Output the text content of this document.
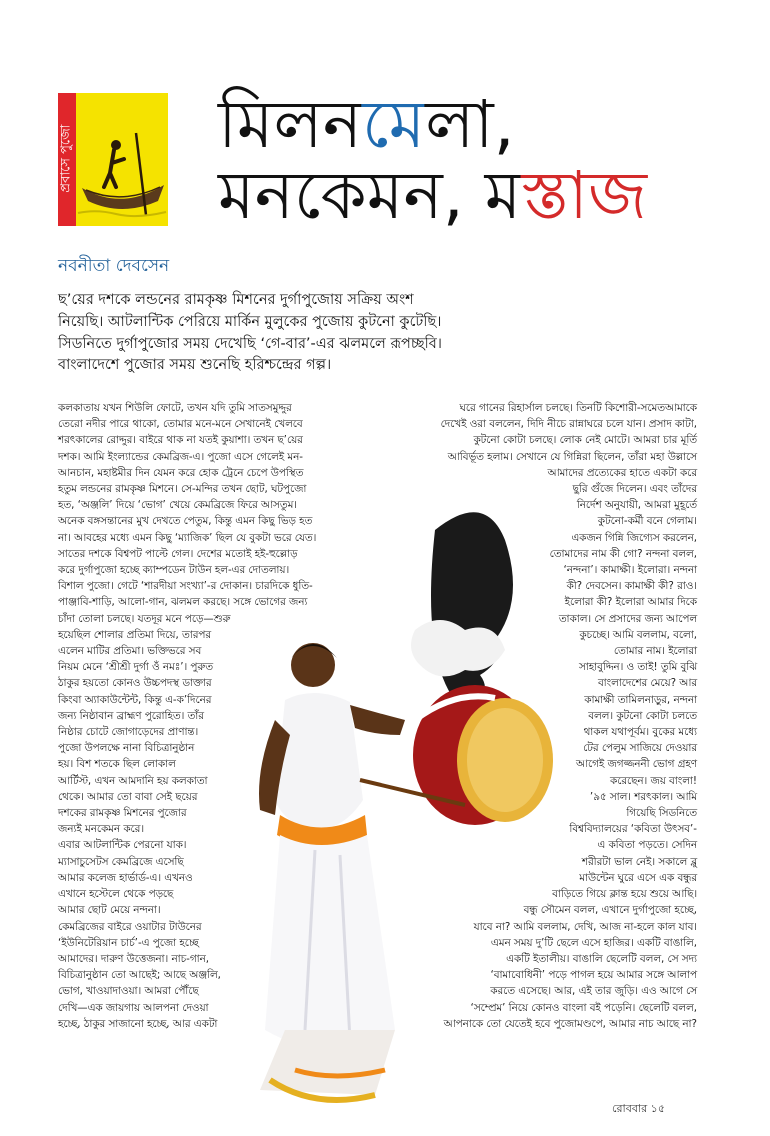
প্রবাসে পুজো মিলনমেলা,
মনকেমন, মস্তাজ
নবনীতা দেবসেন

ছ’য়ের দশকে লন্ডনের রামকৃষ্ণ মিশনের দুর্গাপুজোয় সক্রিয় অংশ

নিয়েছি। আটলান্টিক পেরিয়ে মার্কিন মুলুকের পুজোয় কুটনো কুটেছি।

সিডনিতে দুর্গাপুজোর সময় দেখেছি ‘গে-বার’-এর ঝলমলে রূপচ্ছবি।

বাংলাদেশে পুজোর সময় শুনেছি হরিশ্চন্দ্রের গল্প।

কলকাতায় যখন শিউলি ফোটে, তখন যদি তুমি সাতসমুদ্দুর

তেরো নদীর পারে থাকো, তোমার মনে-মনে সেখানেই খেলবে

শরৎকালের রোদ্দুর। বাইরে থাক না যতই কুয়াশা। তখন ছ’য়ের

দশক। আমি ইংল্যান্ডের কেমব্রিজ-এ। পুজো এসে গেলেই মন-

আনচান, মহাষ্টমীর দিন যেমন করে হোক ট্রেনে চেপে উপস্থিত

হতুম লন্ডনের রামকৃষ্ণ মিশনে। সে-মন্দির তখন ছোট, ঘটপুজো

হত, ‘অঞ্জলি’ দিয়ে ‘ভোগ’ খেয়ে কেমব্রিজে ফিরে আসতুম।

অনেক বঙ্গসন্তানের মুখ দেখতে পেতুম, কিন্তু এমন কিছু ভিড় হত

না। আবহের মধ্যে এমন কিছু ‘ম্যাজিক’ ছিল যে বুকটা ভরে যেত।

সাতের দশকে বিশ্বপট পাল্টে গেল। দেশের মতোই হই-হুল্লোড়

করে দুর্গাপুজো হচ্ছে ক্যাম্পডেন টাউন হল-এর দোতলায়।

বিশাল পুজো। গেটে ‘শারদীয়া সংখ্যা’-র দোকান। চারদিকে ধুতি-

পাঞ্জাবি-শাড়ি, আলো-গান, ঝলমল করছে। সঙ্গে ভোগের জন্য

চাঁদা তোলা চলছে। যতদূর মনে পড়ে—শুরু

হয়েছিল শোলার প্রতিমা দিয়ে, তারপর

এলেন মাটির প্রতিমা। ভক্তিভরে সব

নিয়ম মেনে ‘শ্রীশ্রী দুর্গা ওঁ নমঃ’। পুরুত

ঠাকুর হয়তো কোনও উচ্চপদস্থ ডাক্তার

কিংবা অ্যাকাউন্টেন্ট, কিন্তু এ-ক’দিনের

জন্য নিষ্ঠাবান ব্রাহ্মণ পুরোহিত। তাঁর

নিষ্ঠার চোটে জোগাড়েদের প্রাণান্ত।

পুজো উপলক্ষে নানা বিচিত্রানুষ্ঠান

হয়। বিশ শতকে ছিল লোকাল

আর্টিস্ট, এখন আমদানি হয় কলকাতা

থেকে। আমার তো বাবা সেই ছয়ের

দশকের রামকৃষ্ণ মিশনের পুজোর

জন্যই মনকেমন করে।

এবার আটলান্টিক পেরনো যাক।

ম্যাসাচুসেটস কেমব্রিজে এসেছি

আমার কলেজ হার্ভার্ড-এ। এখনও

এখানে হস্টেলে থেকে পড়ছে

আমার ছোট মেয়ে নন্দনা।

কেমব্রিজের বাইরে ওয়াটার টাউনের

‘ইউনিটেরিয়ান চার্চ’-এ পুজো হচ্ছে

আমাদের। দারুণ উত্তেজনা। নাচ-গান,

বিচিত্রানুষ্ঠান তো আছেই; আছে অঞ্জলি,

ভোগ, খাওয়াদাওয়া। আমরা পৌঁছে

দেখি—এক জায়গায় আলপনা দেওয়া

হচ্ছে, ঠাকুর সাজানো হচ্ছে, আর একটা

ঘরে গানের রিহার্সাল চলছে। তিনটি কিশোরী-সমেতআমাকে

দেখেই ওরা বললেন, দিদি নীচে রান্নাঘরে চলে যান। প্রসাদ কাটা,

কুটনো কোটা চলছে। লোক নেই মোটে। আমরা চার মূর্তি

আবির্ভূত হলাম। সেখানে যে গিন্নিরা ছিলেন, তাঁরা মহা উল্লাসে

আমাদের প্রত্যেকের হাতে একটা করে

ছুরি গুঁজে দিলেন। এবং তাঁদের

নির্দেশ অনুযায়ী, আমরা মুহূর্তে

কুটনো-কর্মী বনে গেলাম।

একজন গিন্নি জিগ্যেস করলেন,

তোমাদের নাম কী গো? নন্দনা বলল,

‘নন্দনা’। কামাক্ষী। ইলোরা। নন্দনা

কী? দেবসেন। কামাক্ষী কী? রাও।

ইলোরা কী? ইলোরা আমার দিকে

তাকাল। সে প্রসাদের জন্য আপেল

কুচচ্ছে। আমি বললাম, বলো,

তোমার নাম। ইলোরা

সাহাবুদ্দিন। ও তাই! তুমি বুঝি

বাংলাদেশের মেয়ে? আর

কামাক্ষী তামিলনাড়ুর, নন্দনা

বলল। কুটনো কোটা চলতে

থাকল যথাপূর্বম। বুকের মধ্যে

টের পেলুম সাজিয়ে দেওয়ার

আগেই জগজ্জননী ভোগ গ্রহণ

করেছেন। জয় বাংলা!

’৯৫ সাল। শরৎকাল। আমি

গিয়েছি সিডনিতে

বিশ্ববিদ্যালয়ের ‘কবিতা উৎসব’-

এ কবিতা পড়তে। সেদিন

শরীরটা ভাল নেই। সকালে ব্লু

মাউন্টেন ঘুরে এসে এক বন্ধুর

বাড়িতে গিয়ে ক্লান্ত হয়ে শুয়ে আছি।

বন্ধু সৌমেন বলল, এখানে দুর্গাপুজো হচ্ছে,

যাবে না? আমি বললাম, দেখি, আজ না-হলে কাল যাব।

এমন সময় দু’টি ছেলে এসে হাজির। একটি বাঙালি,

একটি ইতালীয়। বাঙালি ছেলেটি বলল, সে সদ্য

‘বামাবোধিনী’ পড়ে পাগল হয়ে আমার সঙ্গে আলাপ

করতে এসেছে। আর, এই তার জুড়ি। এও আগে সে

‘সম্প্রেম’ নিয়ে কোনও বাংলা বই পড়েনি। ছেলেটি বলল,

আপনাকে তো যেতেই হবে পুজোমণ্ডপে, আমার নাচ আছে না?

রোববার ১৫
